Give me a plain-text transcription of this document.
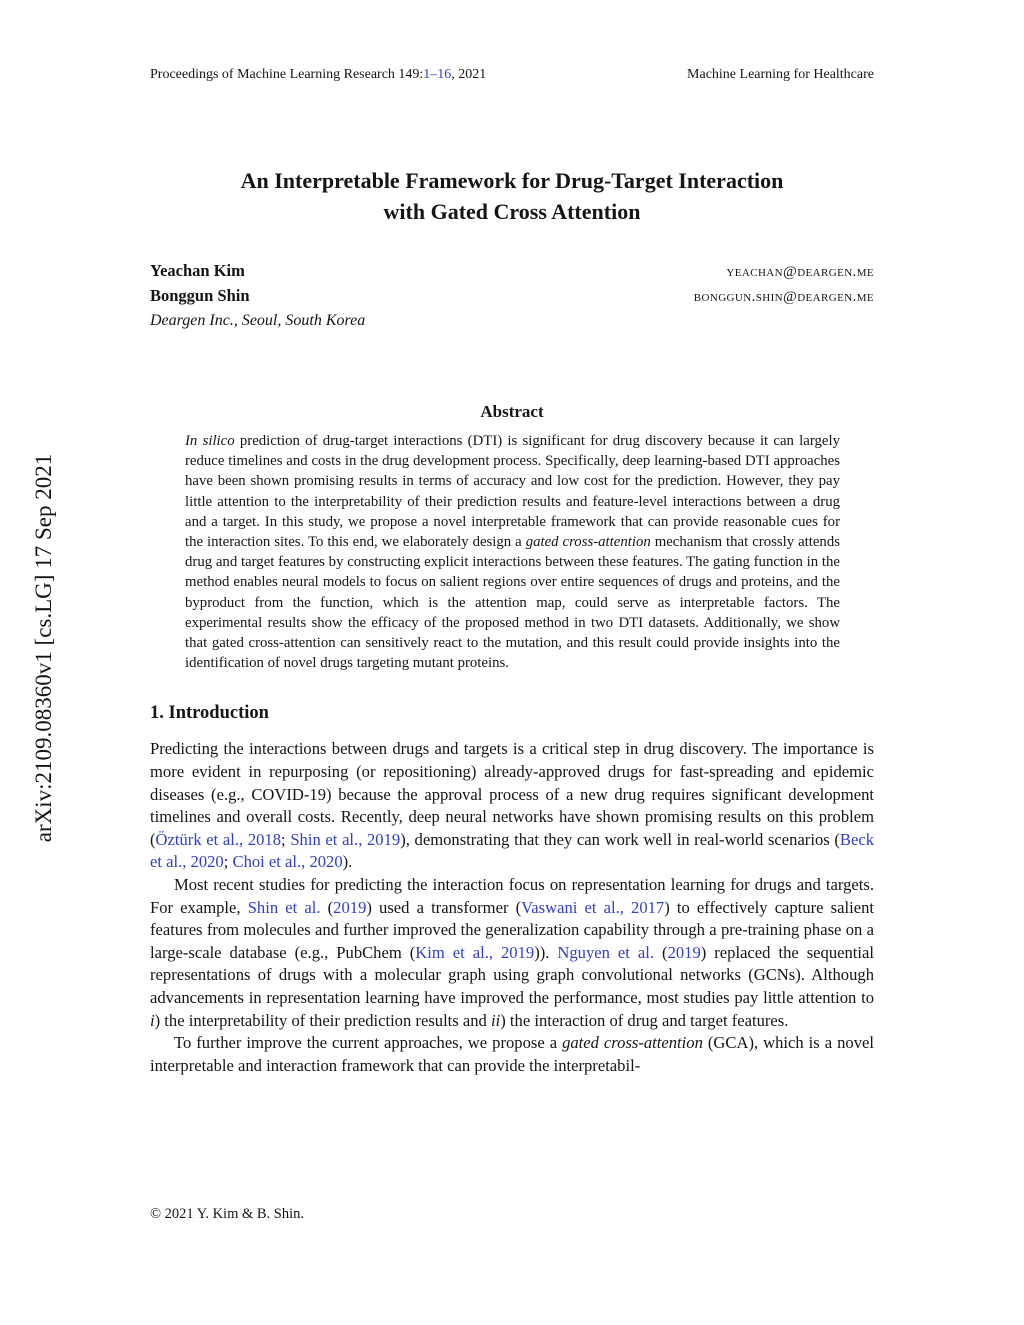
arXiv:2109.08360v1 [cs.LG] 17 Sep 2021
Proceedings of Machine Learning Research 149:1–16, 2021	Machine Learning for Healthcare
An Interpretable Framework for Drug-Target Interaction
with Gated Cross Attention
Yeachan Kim	yeachan@deargen.me
Bonggun Shin	bonggun.shin@deargen.me
Deargen Inc., Seoul, South Korea
Abstract

In silico prediction of drug-target interactions (DTI) is significant for drug discovery because it can largely reduce timelines and costs in the drug development process. Specifically, deep learning-based DTI approaches have been shown promising results in terms of accuracy and low cost for the prediction. However, they pay little attention to the interpretability of their prediction results and feature-level interactions between a drug and a target. In this study, we propose a novel interpretable framework that can provide reasonable cues for the interaction sites. To this end, we elaborately design a gated cross-attention mechanism that crossly attends drug and target features by constructing explicit interactions between these features. The gating function in the method enables neural models to focus on salient regions over entire sequences of drugs and proteins, and the byproduct from the function, which is the attention map, could serve as interpretable factors. The experimental results show the efficacy of the proposed method in two DTI datasets. Additionally, we show that gated cross-attention can sensitively react to the mutation, and this result could provide insights into the identification of novel drugs targeting mutant proteins.

1. Introduction

Predicting the interactions between drugs and targets is a critical step in drug discovery. The importance is more evident in repurposing (or repositioning) already-approved drugs for fast-spreading and epidemic diseases (e.g., COVID-19) because the approval process of a new drug requires significant development timelines and overall costs. Recently, deep neural networks have shown promising results on this problem (Öztürk et al., 2018; Shin et al., 2019), demonstrating that they can work well in real-world scenarios (Beck et al., 2020; Choi et al., 2020).

Most recent studies for predicting the interaction focus on representation learning for drugs and targets. For example, Shin et al. (2019) used a transformer (Vaswani et al., 2017) to effectively capture salient features from molecules and further improved the generalization capability through a pre-training phase on a large-scale database (e.g., PubChem (Kim et al., 2019)). Nguyen et al. (2019) replaced the sequential representations of drugs with a molecular graph using graph convolutional networks (GCNs). Although advancements in representation learning have improved the performance, most studies pay little attention to i) the interpretability of their prediction results and ii) the interaction of drug and target features.

To further improve the current approaches, we propose a gated cross-attention (GCA), which is a novel interpretable and interaction framework that can provide the interpretabil-

© 2021 Y. Kim & B. Shin.
